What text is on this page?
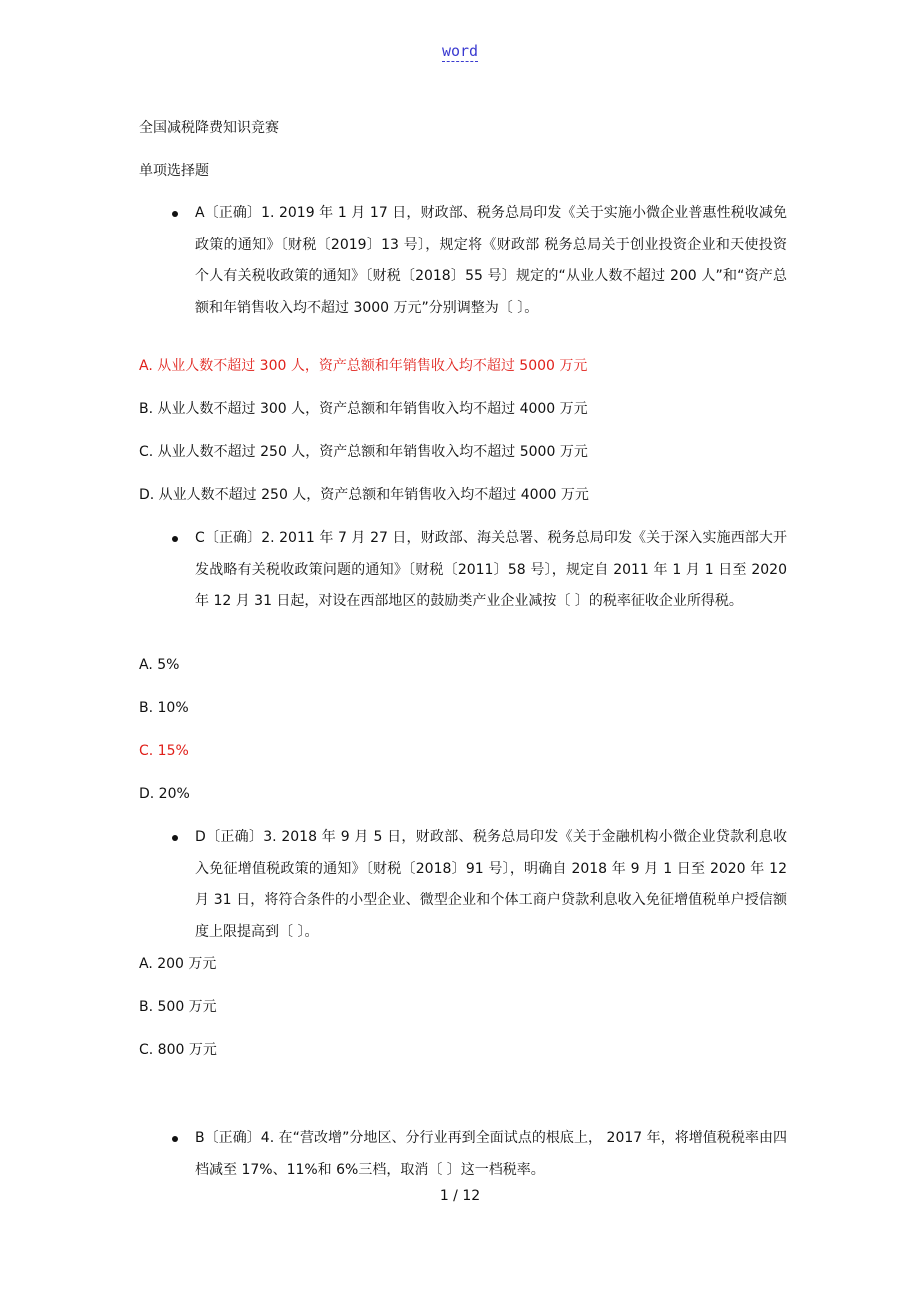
word
全国减税降费知识竞赛
单项选择题
A〔正确〕1. 2019 年 1 月 17 日，财政部、税务总局印发《关于实施小微企业普惠性税收减免政策的通知》〔财税〔2019〕13 号〕，规定将《财政部 税务总局关于创业投资企业和天使投资个人有关税收政策的通知》〔财税〔2018〕55 号〕规定的“从业人数不超过 200 人”和“资产总额和年销售收入均不超过 3000 万元”分别调整为〔 〕。
A. 从业人数不超过 300 人，资产总额和年销售收入均不超过 5000 万元
B. 从业人数不超过 300 人，资产总额和年销售收入均不超过 4000 万元
C. 从业人数不超过 250 人，资产总额和年销售收入均不超过 5000 万元
D. 从业人数不超过 250 人，资产总额和年销售收入均不超过 4000 万元
C〔正确〕2. 2011 年 7 月 27 日，财政部、海关总署、税务总局印发《关于深入实施西部大开发战略有关税收政策问题的通知》〔财税〔2011〕58 号〕，规定自 2011 年 1 月 1 日至 2020 年 12 月 31 日起，对设在西部地区的鼓励类产业企业减按〔 〕的税率征收企业所得税。
A. 5%
B. 10%
C. 15%
D. 20%
D〔正确〕3. 2018 年 9 月 5 日，财政部、税务总局印发《关于金融机构小微企业贷款利息收入免征增值税政策的通知》〔财税〔2018〕91 号〕，明确自 2018 年 9 月 1 日至 2020 年 12 月 31 日，将符合条件的小型企业、微型企业和个体工商户贷款利息收入免征增值税单户授信额度上限提高到〔 〕。
A. 200 万元
B. 500 万元
C. 800 万元
B〔正确〕4. 在“营改增”分地区、分行业再到全面试点的根底上， 2017 年，将增值税税率由四档减至 17%、11%和 6%三档，取消〔 〕这一档税率。
1 / 12
